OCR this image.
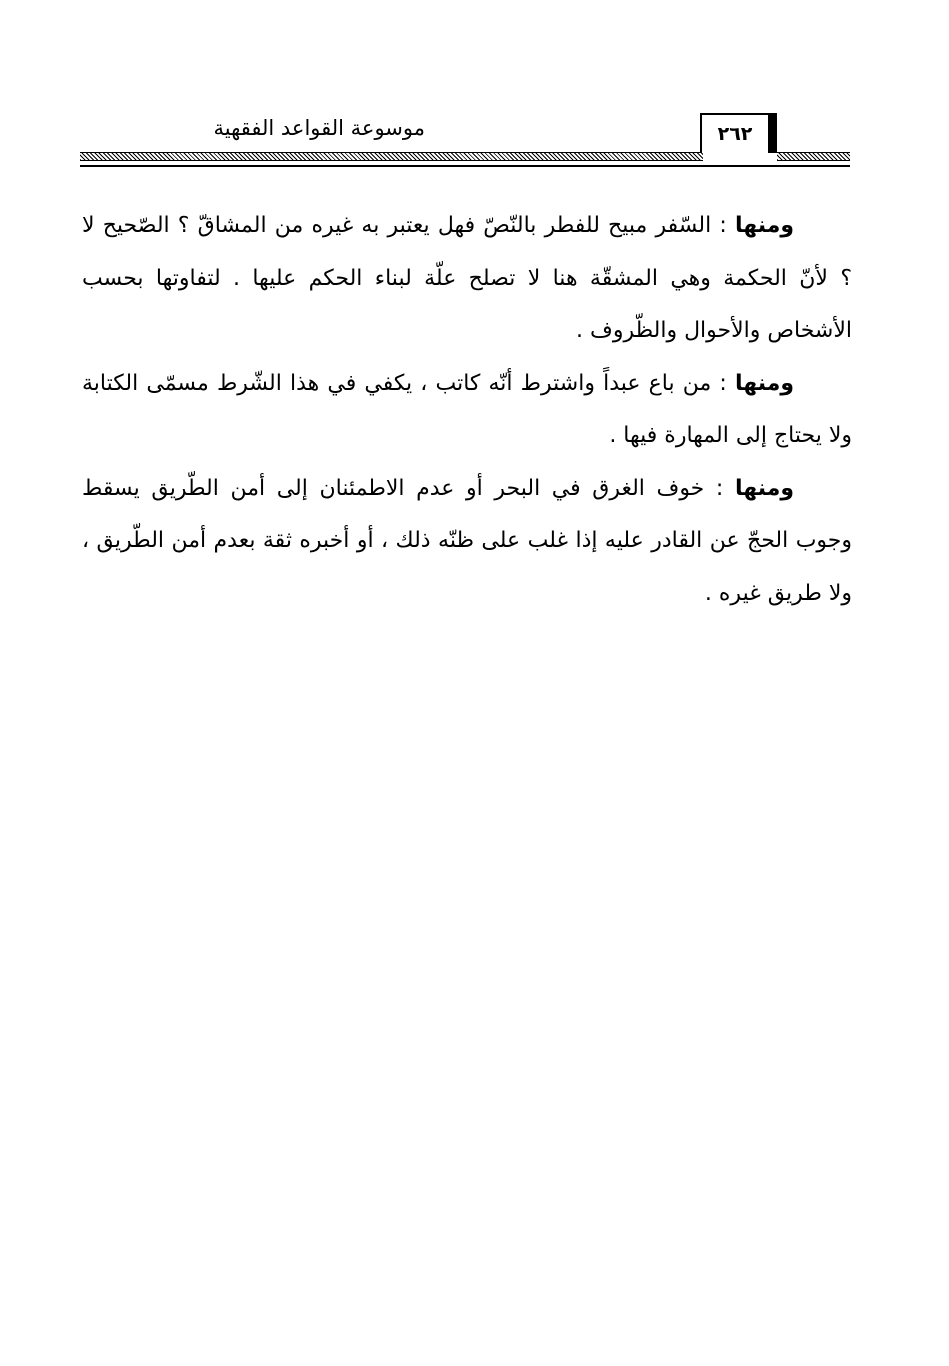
موسوعة القواعد الفقهية	٢٦٢

ومنها : السّفر مبيح للفطر بالنّصّ فهل يعتبر به غيره من المشاقّ ؟ الصّحيح لا ؟ لأنّ الحكمة وهي المشقّة هنا لا تصلح علّة لبناء الحكم عليها . لتفاوتها بحسب الأشخاص والأحوال والظّروف .

ومنها : من باع عبداً واشترط أنّه كاتب ، يكفي في هذا الشّرط مسمّى الكتابة ولا يحتاج إلى المهارة فيها .

ومنها : خوف الغرق في البحر أو عدم الاطمئنان إلى أمن الطّريق يسقط وجوب الحجّ عن القادر عليه إذا غلب على ظنّه ذلك ، أو أخبره ثقة بعدم أمن الطّريق ، ولا طريق غيره .
